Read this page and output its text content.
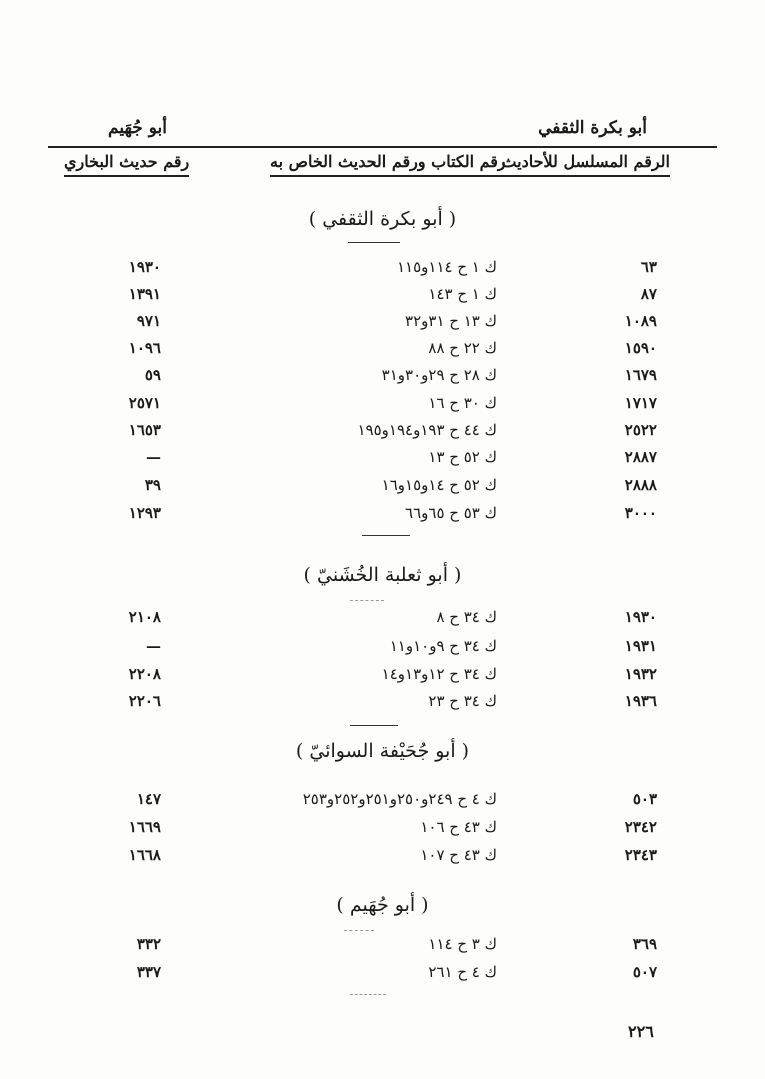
أبو بكرة الثقفي
أبو جُهَيم
الرقم المسلسل للأحاديث
رقم الكتاب ورقم الحديث الخاص به
رقم حديث البخاري
( أبو بكرة الثقفي )
٦٣
ك ١ ح ١١٤و١١٥
١٩٣٠
٨٧
ك ١ ح ١٤٣
١٣٩١
١٠٨٩
ك ١٣ ح ٣١و٣٢
٩٧١
١٥٩٠
ك ٢٢ ح ٨٨
١٠٩٦
١٦٧٩
ك ٢٨ ح ٢٩و٣٠و٣١
٥٩
١٧١٧
ك ٣٠ ح ١٦
٢٥٧١
٢٥٢٢
ك ٤٤ ح ١٩٣و١٩٤و١٩٥
١٦٥٣
٢٨٨٧
ك ٥٢ ح ١٣
—
٢٨٨٨
ك ٥٢ ح ١٤و١٥و١٦
٣٩
٣٠٠٠
ك ٥٣ ح ٦٥و٦٦
١٢٩٣
( أبو ثعلبة الخُشَنيّ )
١٩٣٠
ك ٣٤ ح ٨
٢١٠٨
١٩٣١
ك ٣٤ ح ٩و١٠و١١
—
١٩٣٢
ك ٣٤ ح ١٢و١٣و١٤
٢٢٠٨
١٩٣٦
ك ٣٤ ح ٢٣
٢٢٠٦
( أبو جُحَيْفة السوائيّ )
٥٠٣
ك ٤ ح ٢٤٩و٢٥٠و٢٥١و٢٥٢و٢٥٣
١٤٧
٢٣٤٢
ك ٤٣ ح ١٠٦
١٦٦٩
٢٣٤٣
ك ٤٣ ح ١٠٧
١٦٦٨
( أبو جُهَيم )
٣٦٩
ك ٣ ح ١١٤
٣٣٢
٥٠٧
ك ٤ ح ٢٦١
٣٣٧
٢٢٦
